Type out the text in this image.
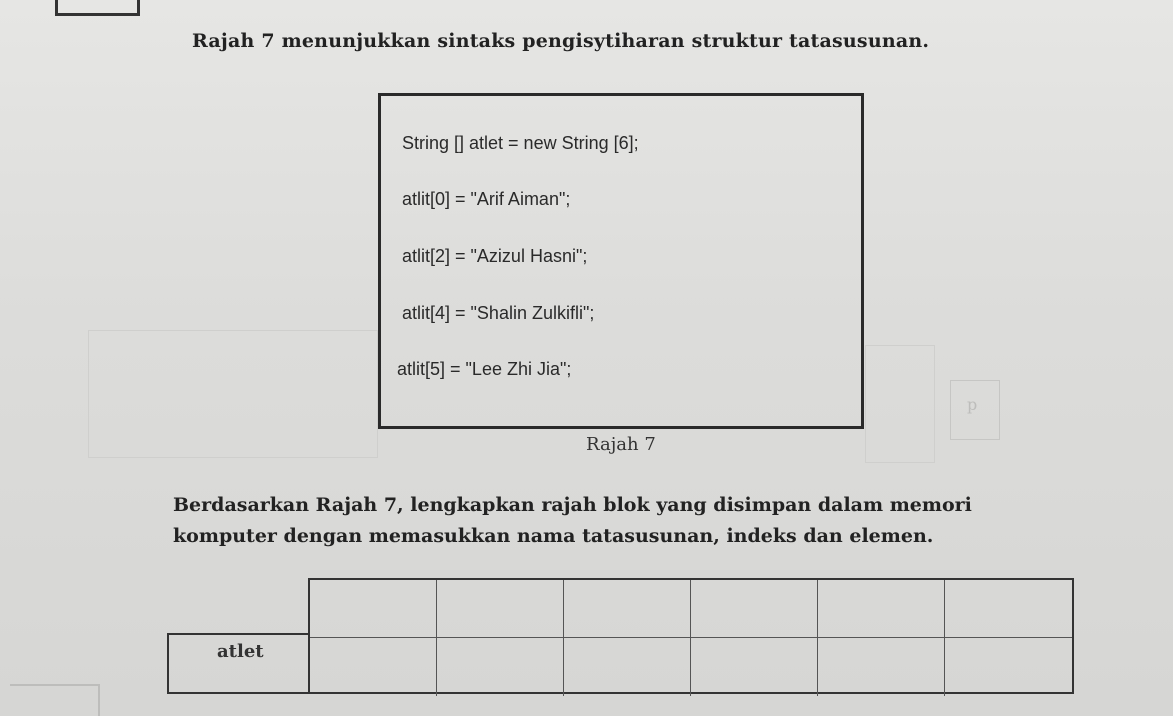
p
Rajah 7 menunjukkan sintaks pengisytiharan struktur tatasusunan.
String [] atlet = new String [6];
atlit[0] = "Arif Aiman";
atlit[2] = "Azizul Hasni";
atlit[4] = "Shalin Zulkifli";
atlit[5] = "Lee Zhi Jia";
Rajah 7
Berdasarkan Rajah 7, lengkapkan rajah blok yang disimpan dalam memori komputer dengan memasukkan nama tatasusunan, indeks dan elemen.
atlet
